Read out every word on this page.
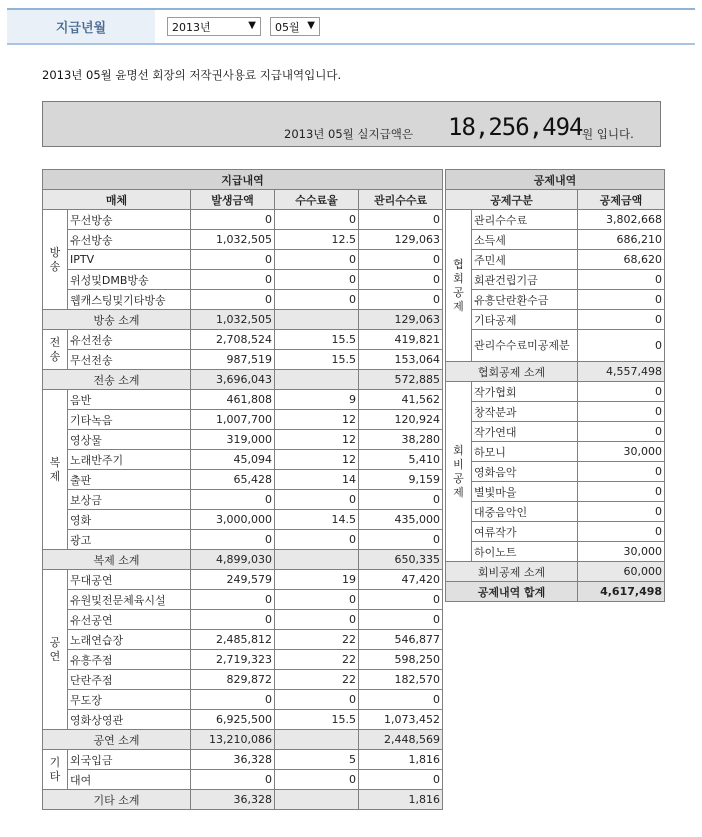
지급년월	2013년	▼ 05월 ▼
2013년 05월 윤명선 회장의 저작권사용료 지급내역입니다.
2013년 05월 실지급액은 18,256,494 원 입니다.
지급내역				
매체		발생금액	수수료율	관리수수료

방
송	무선방송	0	0	0
	유선방송	1,032,505	12.5	129,063
	IPTV	0	0	0
	위성및DMB방송	0	0	0
	웹캐스팅및기타방송	0	0	0
방송 소계		1,032,505		129,063

전
송	유선전송	2,708,524	15.5	419,821
	무선전송	987,519	15.5	153,064
전송 소계		3,696,043		572,885

복
제	음반	461,808	9	41,562
	기타녹음	1,007,700	12	120,924
	영상물	319,000	12	38,280
	노래반주기	45,094	12	5,410
	출판	65,428	14	9,159
	보상금	0	0	0
	영화	3,000,000	14.5	435,000
	광고	0	0	0
복제 소계		4,899,030		650,335

공
연	무대공연	249,579	19	47,420
	유원및전문체육시설	0	0	0
	유선공연	0	0	0
	노래연습장	2,485,812	22	546,877
	유흥주점	2,719,323	22	598,250
	단란주점	829,872	22	182,570
	무도장	0	0	0
	영화상영관	6,925,500	15.5	1,073,452
공연 소계		13,210,086		2,448,569

기
타	외국입금	36,328	5	1,816
	대여	0	0	0
기타 소계		36,328		1,816
공제내역		
공제구분		공제금액

협
회
공
제	관리수수료	3,802,668
	소득세	686,210
	주민세	68,620
	회관건립기금	0
	유흥단란환수금	0
	기타공제	0
	관리수수료미공제분	0
협회공제 소계		4,557,498

회
비
공
제	작가협회	0
	창작분과	0
	작가연대	0
	하모니	30,000
	영화음악	0
	별빛마을	0
	대중음악인	0
	여류작가	0
	하이노트	30,000
회비공제 소계		60,000
공제내역 합계		4,617,498
